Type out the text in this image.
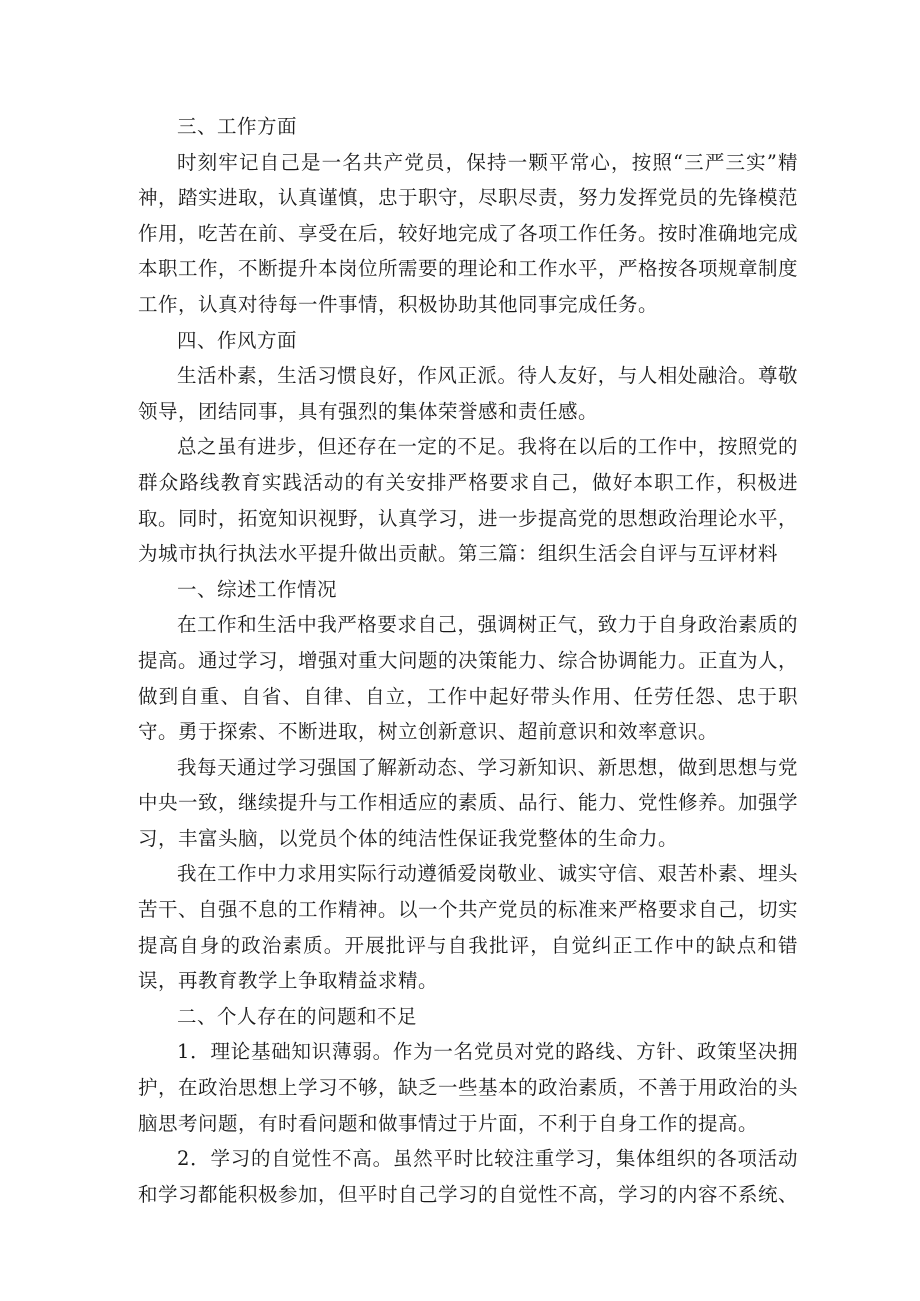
三、工作方面

时刻牢记自己是一名共产党员，保持一颗平常心，按照“三严三实”精神，踏实进取，认真谨慎，忠于职守，尽职尽责，努力发挥党员的先锋模范作用，吃苦在前、享受在后，较好地完成了各项工作任务。按时准确地完成本职工作，不断提升本岗位所需要的理论和工作水平，严格按各项规章制度工作，认真对待每一件事情，积极协助其他同事完成任务。

四、作风方面

生活朴素，生活习惯良好，作风正派。待人友好，与人相处融洽。尊敬领导，团结同事，具有强烈的集体荣誉感和责任感。

总之虽有进步，但还存在一定的不足。我将在以后的工作中，按照党的群众路线教育实践活动的有关安排严格要求自己，做好本职工作，积极进取。同时，拓宽知识视野，认真学习，进一步提高党的思想政治理论水平，为城市执行执法水平提升做出贡献。第三篇：组织生活会自评与互评材料

一、综述工作情况

在工作和生活中我严格要求自己，强调树正气，致力于自身政治素质的提高。通过学习，增强对重大问题的决策能力、综合协调能力。正直为人，做到自重、自省、自律、自立，工作中起好带头作用、任劳任怨、忠于职守。勇于探索、不断进取，树立创新意识、超前意识和效率意识。

我每天通过学习强国了解新动态、学习新知识、新思想，做到思想与党中央一致，继续提升与工作相适应的素质、品行、能力、党性修养。加强学习，丰富头脑，以党员个体的纯洁性保证我党整体的生命力。

我在工作中力求用实际行动遵循爱岗敬业、诚实守信、艰苦朴素、埋头苦干、自强不息的工作精神。以一个共产党员的标准来严格要求自己，切实提高自身的政治素质。开展批评与自我批评，自觉纠正工作中的缺点和错误，再教育教学上争取精益求精。

二、个人存在的问题和不足

1．理论基础知识薄弱。作为一名党员对党的路线、方针、政策坚决拥护，在政治思想上学习不够，缺乏一些基本的政治素质，不善于用政治的头脑思考问题，有时看问题和做事情过于片面，不利于自身工作的提高。

2．学习的自觉性不高。虽然平时比较注重学习，集体组织的各项活动和学习都能积极参加，但平时自己学习的自觉性不高，学习的内容不系统、
